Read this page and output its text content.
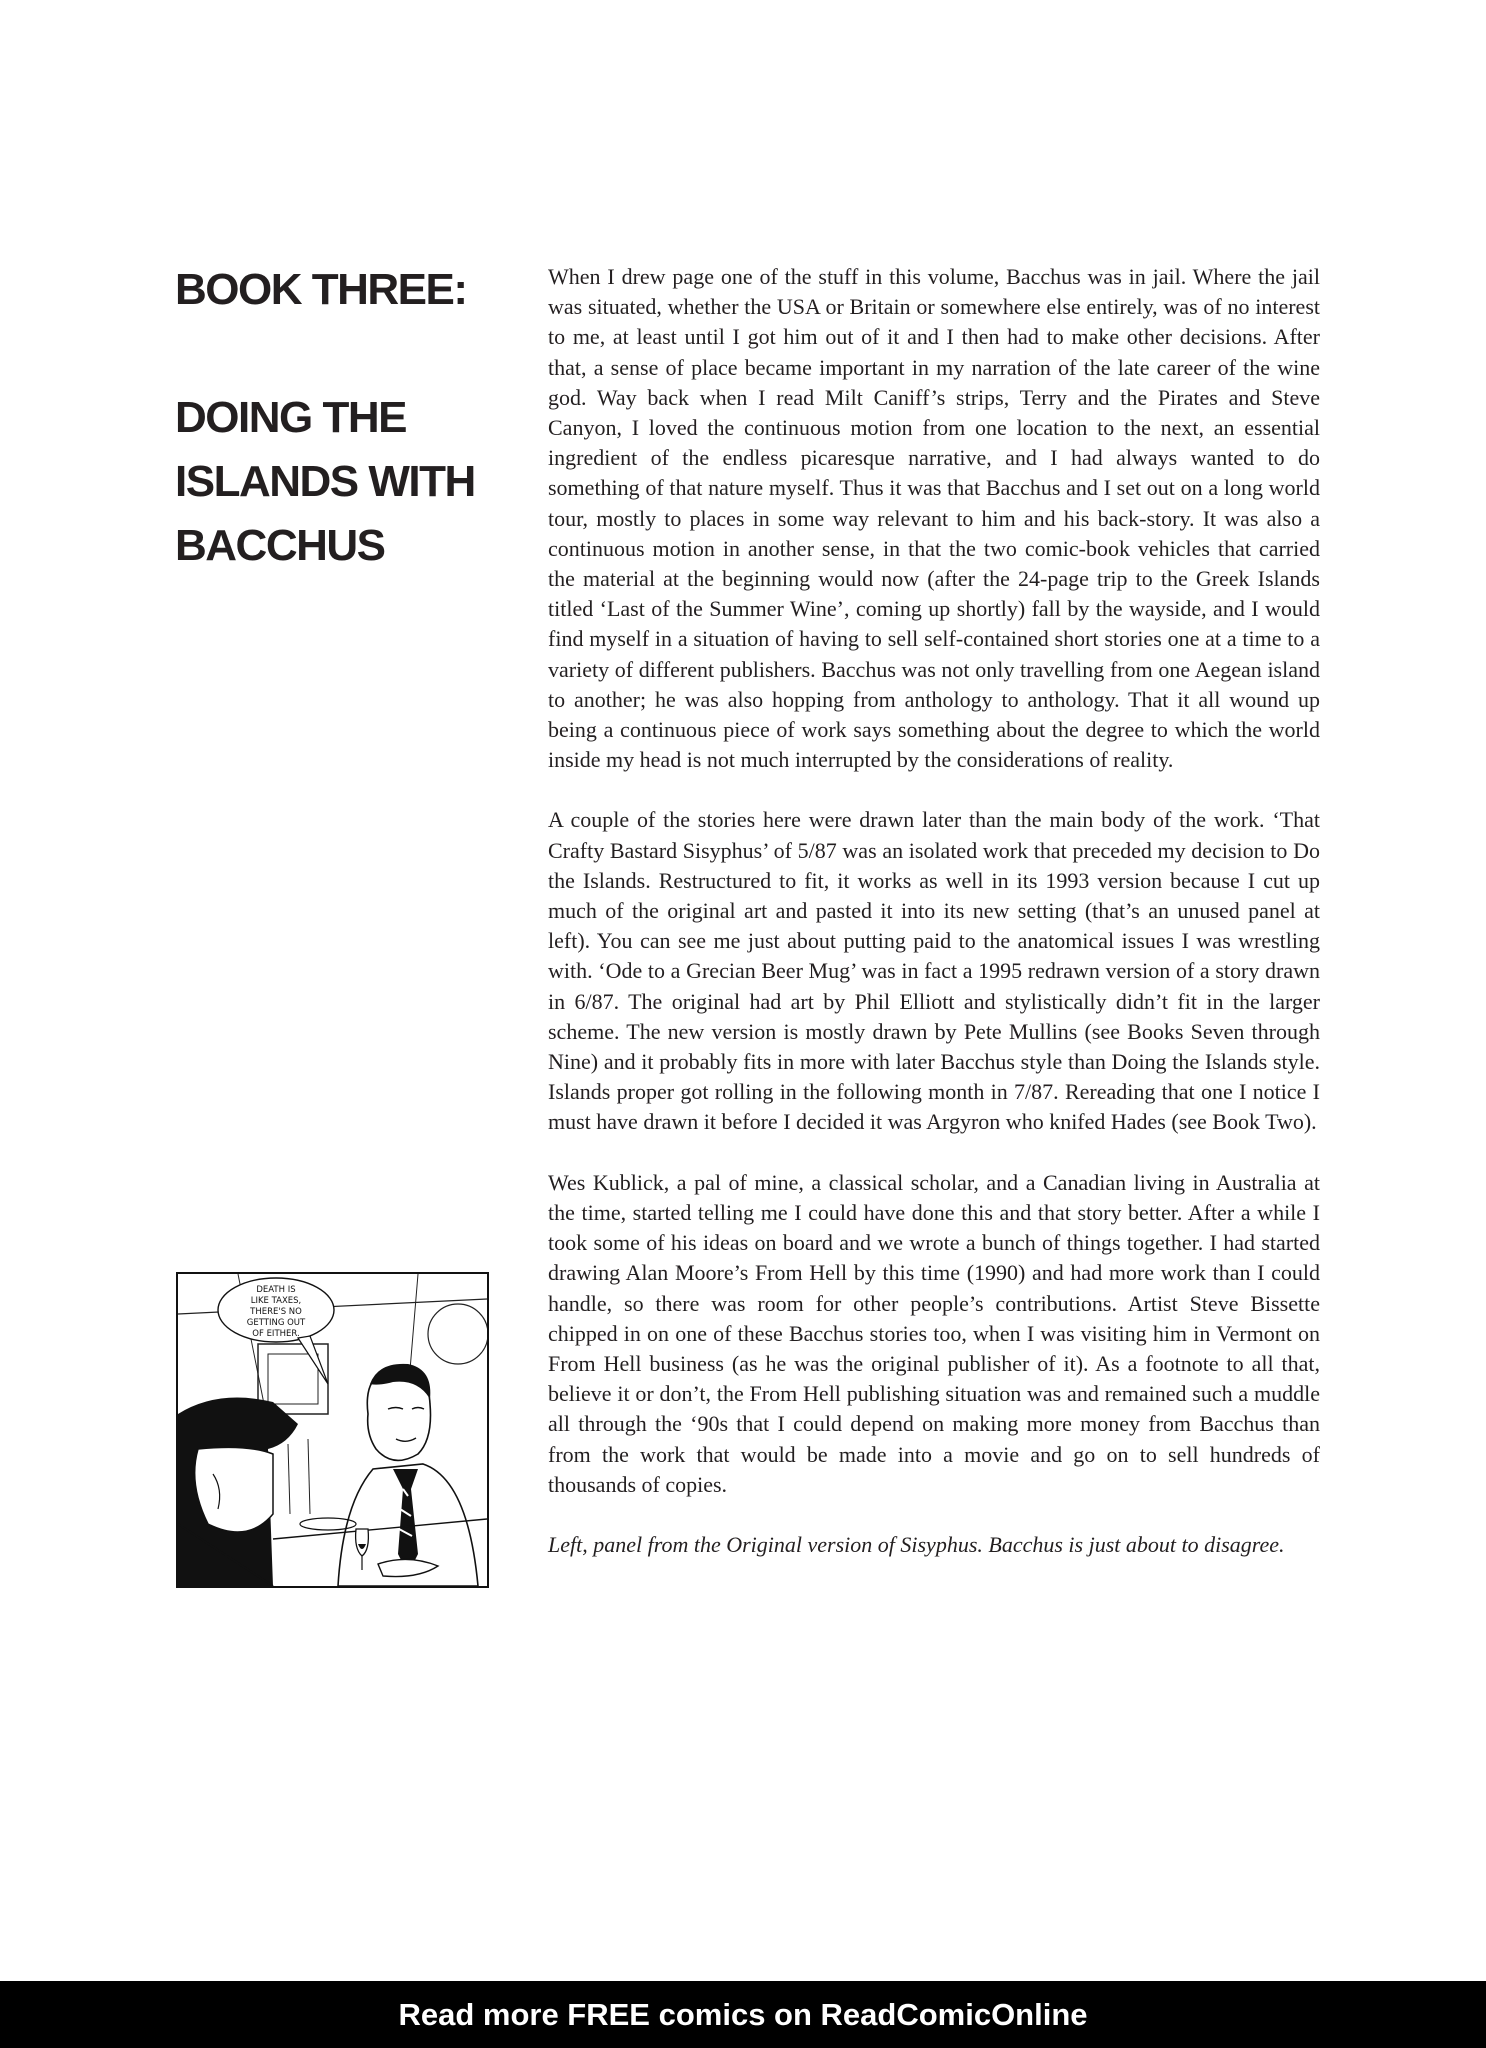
BOOK THREE:
DOING THE
ISLANDS WITH
BACCHUS

When I drew page one of the stuff in this volume, Bacchus was in jail. Where the jail was situated, whether the USA or Britain or somewhere else entirely, was of no interest to me, at least until I got him out of it and I then had to make other decisions. After that, a sense of place became important in my narration of the late career of the wine god. Way back when I read Milt Caniff’s strips, Terry and the Pirates and Steve Canyon, I loved the continuous motion from one location to the next, an essential ingredient of the endless picaresque narrative, and I had always wanted to do something of that nature myself. Thus it was that Bacchus and I set out on a long world tour, mostly to places in some way relevant to him and his back-story. It was also a continuous motion in another sense, in that the two comic-book vehicles that carried the material at the beginning would now (after the 24-page trip to the Greek Islands titled ‘Last of the Summer Wine’, coming up shortly) fall by the wayside, and I would find myself in a situation of having to sell self-contained short stories one at a time to a variety of different publishers. Bacchus was not only travelling from one Aegean island to another; he was also hopping from anthology to anthology. That it all wound up being a continuous piece of work says something about the degree to which the world inside my head is not much interrupted by the considerations of reality.

A couple of the stories here were drawn later than the main body of the work. ‘That Crafty Bastard Sisyphus’ of 5/87 was an isolated work that preceded my decision to Do the Islands. Restructured to fit, it works as well in its 1993 version because I cut up much of the original art and pasted it into its new setting (that’s an unused panel at left). You can see me just about putting paid to the anatomical issues I was wrestling with. ‘Ode to a Grecian Beer Mug’ was in fact a 1995 redrawn version of a story drawn in 6/87. The original had art by Phil Elliott and stylistically didn’t fit in the larger scheme. The new version is mostly drawn by Pete Mullins (see Books Seven through Nine) and it probably fits in more with later Bacchus style than Doing the Islands style. Islands proper got rolling in the following month in 7/87. Rereading that one I notice I must have drawn it before I decided it was Argyron who knifed Hades (see Book Two).

Wes Kublick, a pal of mine, a classical scholar, and a Canadian living in Australia at the time, started telling me I could have done this and that story better. After a while I took some of his ideas on board and we wrote a bunch of things together. I had started drawing Alan Moore’s From Hell by this time (1990) and had more work than I could handle, so there was room for other people’s contributions. Artist Steve Bissette chipped in on one of these Bacchus stories too, when I was visiting him in Vermont on From Hell business (as he was the original publisher of it). As a footnote to all that, believe it or don’t, the From Hell publishing situation was and remained such a muddle all through the ‘90s that I could depend on making more money from Bacchus than from the work that would be made into a movie and go on to sell hundreds of thousands of copies.

Left, panel from the Original version of Sisyphus. Bacchus is just about to disagree.

DEATH IS
LIKE TAXES,
THERE'S NO
GETTING OUT
OF EITHER.
Read more FREE comics on ReadComicOnline
